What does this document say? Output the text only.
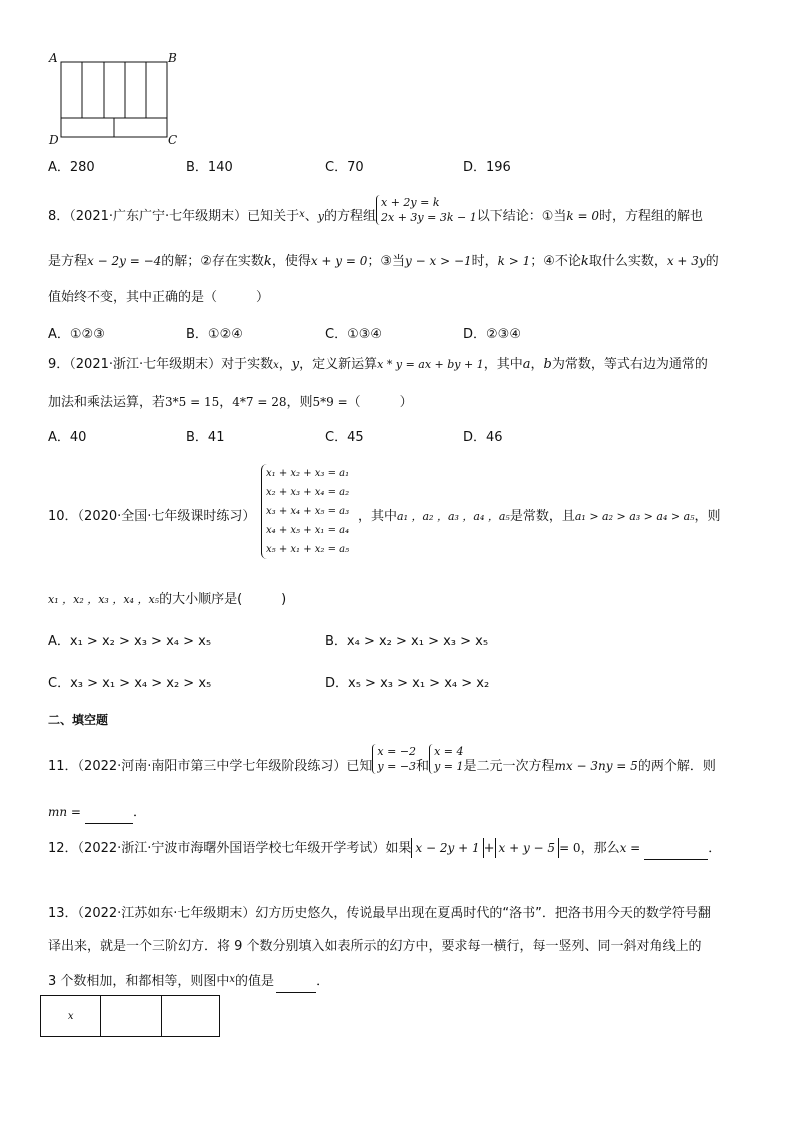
A	B
D	C
A．280	B．140	C．70	D．196
8．（2021·广东广宁·七年级期末）已知关于$^x$、y的方程组
x + 2y = k
2x + 3y = 3k − 1 以下结论：①当k = 0时，方程组的解也
是方程x − 2y = −4的解；②存在实数k，使得x + y = 0；③当y − x > −1时，k > 1；④不论k取什么实数，x + 3y的
值始终不变，其中正确的是（　　　）
A．①②③	B．①②④	C．①③④	D．②③④
9．（2021·浙江·七年级期末）对于实数x，y，定义新运算x * y = ax + by + 1，其中a，b为常数，等式右边为通常的
加法和乘法运算，若3*5 = 15，4*7 = 28，则5*9 =（　　　）
A．40	B．41	C．45	D．46
10．（2020·全国·七年级课时练习）
x₁ + x₂ + x₃ = a₁
x₂ + x₃ + x₄ = a₂
x₃ + x₄ + x₅ = a₃
x₄ + x₅ + x₁ = a₄
x₅ + x₁ + x₂ = a₅
，其中a₁ ，a₂ ，a₃ ，a₄ ，a₅是常数，且a₁ > a₂ > a₃ > a₄ > a₅，则
x₁ ，x₂ ，x₃ ，x₄ ，x₅的大小顺序是(　　　)
A．x₁ > x₂ > x₃ > x₄ > x₅	B．x₄ > x₂ > x₁ > x₃ > x₅
C．x₃ > x₁ > x₄ > x₂ > x₅	D．x₅ > x₃ > x₁ > x₄ > x₂
二、填空题
11．（2022·河南·南阳市第三中学七年级阶段练习）已知
x = −2
y = −3 和
x = 4
y = 1 是二元一次方程mx − 3ny = 5的两个解．则
mn =	．
12．（2022·浙江·宁波市海曙外国语学校七年级开学考试）如果 x − 2y + 1 + x + y − 5 = 0，那么x =	．
13．（2022·江苏如东·七年级期末）幻方历史悠久，传说最早出现在夏禹时代的“洛书”．把洛书用今天的数学符号翻
译出来，就是一个三阶幻方．将 9 个数分别填入如表所示的幻方中，要求每一横行，每一竖列、同一斜对角线上的
3 个数相加，和都相等，则图中$^x$的值是	．
x
